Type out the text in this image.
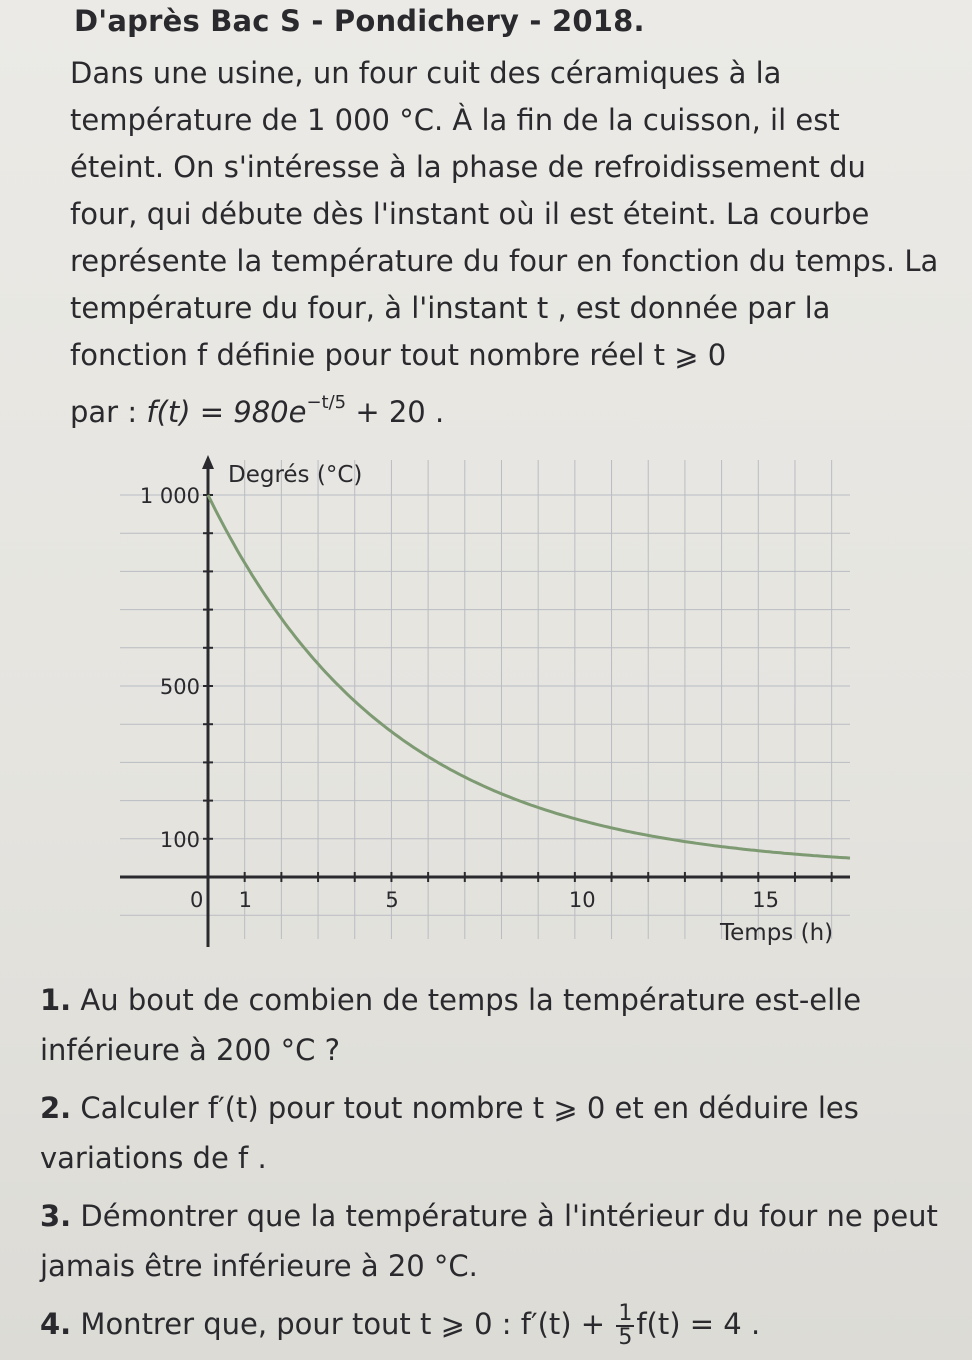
D'après Bac S - Pondichery - 2018.

Dans une usine, un four cuit des céramiques à la température de 1 000 °C. À la fin de la cuisson, il est éteint. On s'intéresse à la phase de refroidissement du four, qui débute dès l'instant où il est éteint. La courbe représente la température du four en fonction du temps. La température du four, à l'instant t , est donnée par la fonction f définie pour tout nombre réel t ⩾ 0

par : $f(t) = 980e^{-t/5} + 20$ .
0 1	5	10	15
100
500
1 000
Degrés (°C)
Temps (h)

1. Au bout de combien de temps la température est-elle inférieure à 200 °C ?

2. Calculer f′(t) pour tout nombre t ⩾ 0 et en déduire les variations de f .

3. Démontrer que la température à l'intérieur du four ne peut jamais être inférieure à 20 °C.

4. Montrer que, pour tout t ⩾ 0 : $f'(t) + \frac{1}{5} f(t) = 4$ .
